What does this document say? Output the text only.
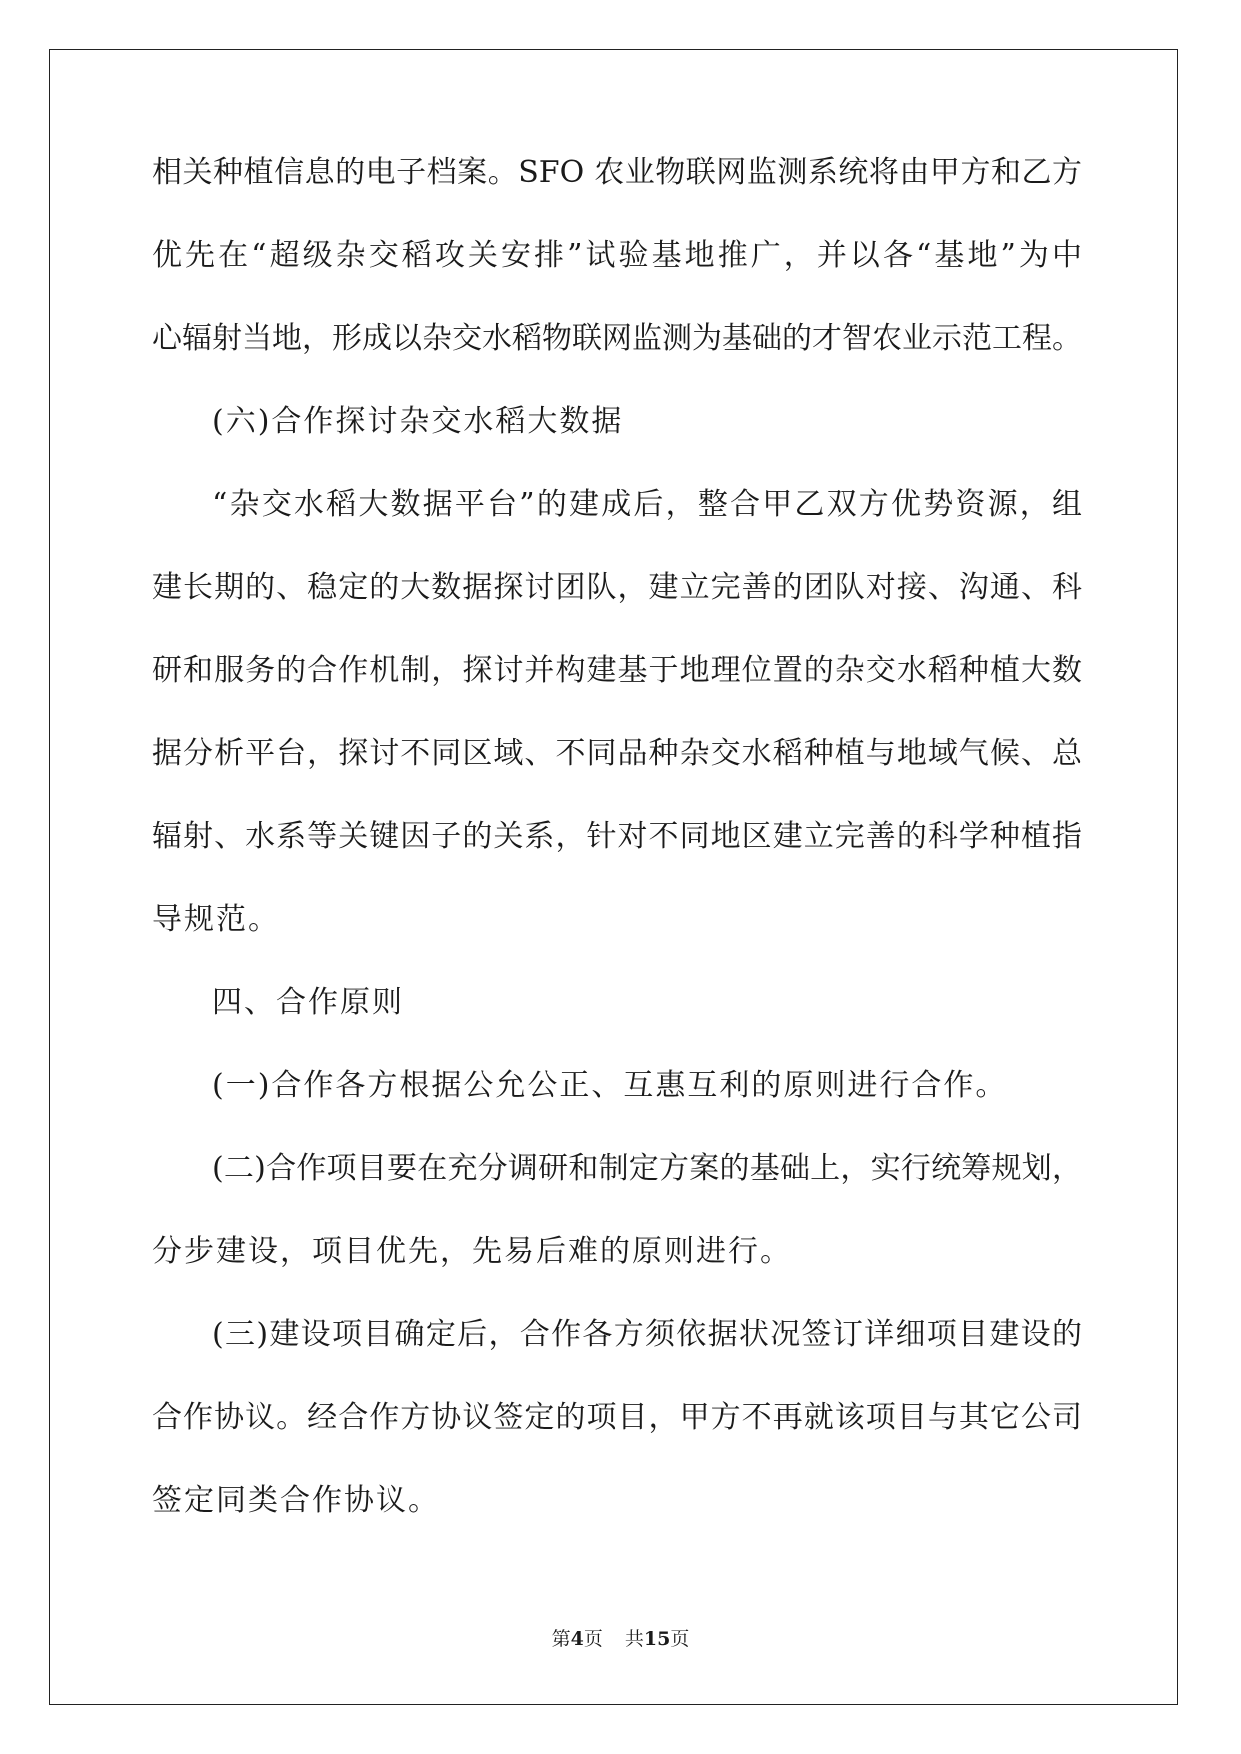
相关种植信息的电子档案。SFO 农业物联网监测系统将由甲方和乙方
优先在“超级杂交稻攻关安排”试验基地推广，并以各“基地”为中
心辐射当地，形成以杂交水稻物联网监测为基础的才智农业示范工程。
(六)合作探讨杂交水稻大数据
“杂交水稻大数据平台”的建成后，整合甲乙双方优势资源，组
建长期的、稳定的大数据探讨团队，建立完善的团队对接、沟通、科
研和服务的合作机制，探讨并构建基于地理位置的杂交水稻种植大数
据分析平台，探讨不同区域、不同品种杂交水稻种植与地域气候、总
辐射、水系等关键因子的关系，针对不同地区建立完善的科学种植指
导规范。
四、合作原则
(一)合作各方根据公允公正、互惠互利的原则进行合作。
(二)合作项目要在充分调研和制定方案的基础上，实行统筹规划，
分步建设，项目优先，先易后难的原则进行。
(三)建设项目确定后，合作各方须依据状况签订详细项目建设的
合作协议。经合作方协议签定的项目，甲方不再就该项目与其它公司
签定同类合作协议。
第4页 共15页
